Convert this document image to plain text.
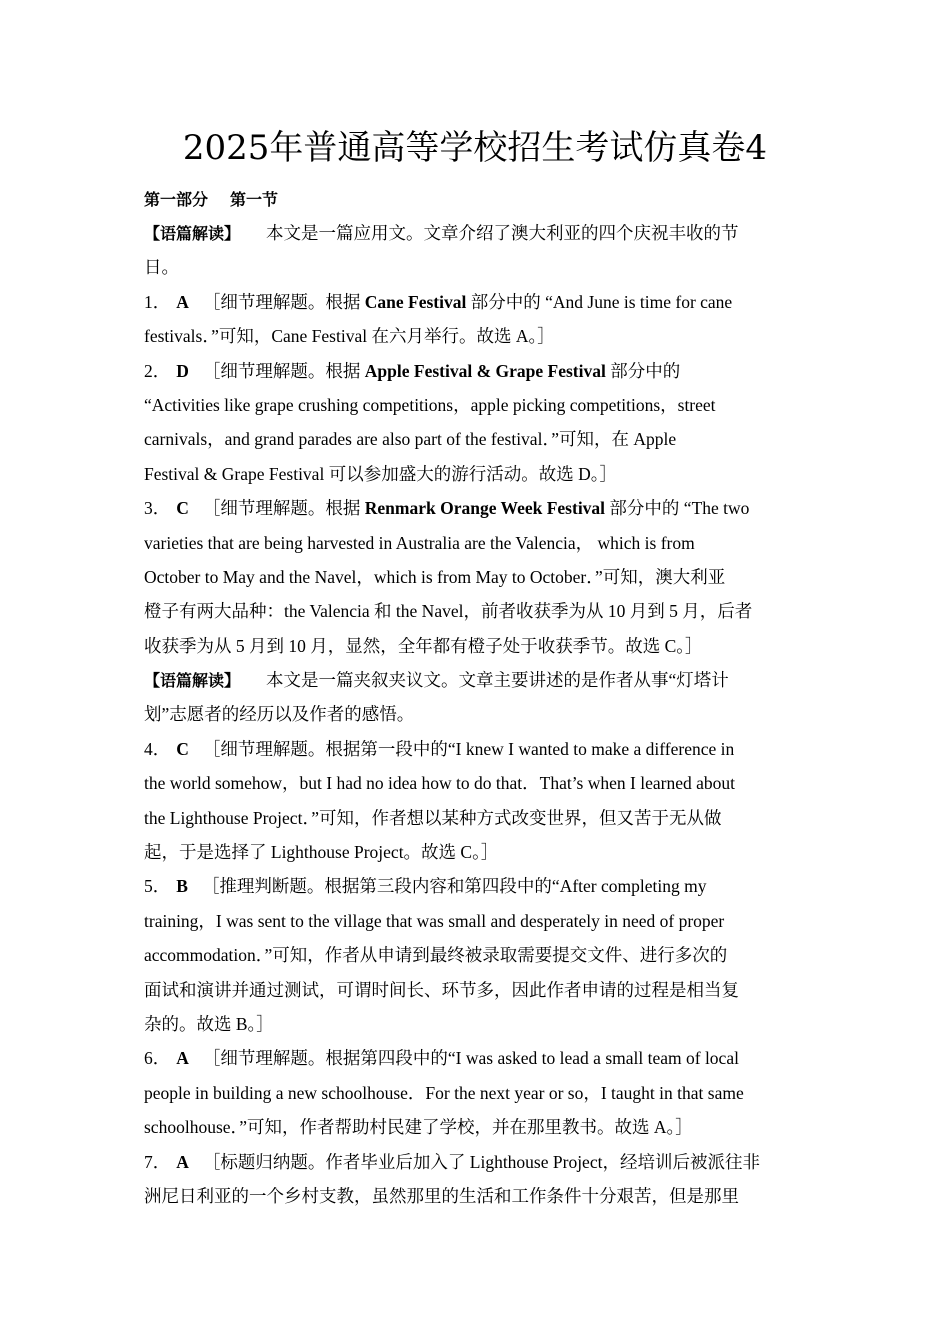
2025年普通高等学校招生考试仿真卷4
第一部分 第一节
【语篇解读】 本文是一篇应用文。文章介绍了澳大利亚的四个庆祝丰收的节
日。
1． A ［细节理解题。根据 Cane Festival 部分中的 “And June is time for cane
festivals．”可知，Cane Festival 在六月举行。故选 A。］
2． D ［细节理解题。根据 Apple Festival & Grape Festival 部分中的
“Activities like grape crushing competitions，apple picking competitions，street
carnivals，and grand parades are also part of the festival．”可知，在 Apple
Festival & Grape Festival 可以参加盛大的游行活动。故选 D。］
3． C ［细节理解题。根据 Renmark Orange Week Festival 部分中的 “The two
varieties that are being harvested in Australia are the Valencia， which is from
October to May and the Navel，which is from May to October．”可知，澳大利亚
橙子有两大品种：the Valencia 和 the Navel，前者收获季为从 10 月到 5 月，后者
收获季为从 5 月到 10 月，显然，全年都有橙子处于收获季节。故选 C。］
【语篇解读】 本文是一篇夹叙夹议文。文章主要讲述的是作者从事“灯塔计
划”志愿者的经历以及作者的感悟。
4． C ［细节理解题。根据第一段中的“I knew I wanted to make a difference in
the world somehow，but I had no idea how to do that．That’s when I learned about
the Lighthouse Project．”可知，作者想以某种方式改变世界，但又苦于无从做
起，于是选择了 Lighthouse Project。故选 C。］
5． B ［推理判断题。根据第三段内容和第四段中的“After completing my
training，I was sent to the village that was small and desperately in need of proper
accommodation．”可知，作者从申请到最终被录取需要提交文件、进行多次的
面试和演讲并通过测试，可谓时间长、环节多，因此作者申请的过程是相当复
杂的。故选 B。］
6． A ［细节理解题。根据第四段中的“I was asked to lead a small team of local
people in building a new schoolhouse．For the next year or so，I taught in that same
schoolhouse．”可知，作者帮助村民建了学校，并在那里教书。故选 A。］
7． A ［标题归纳题。作者毕业后加入了 Lighthouse Project，经培训后被派往非
洲尼日利亚的一个乡村支教，虽然那里的生活和工作条件十分艰苦，但是那里
